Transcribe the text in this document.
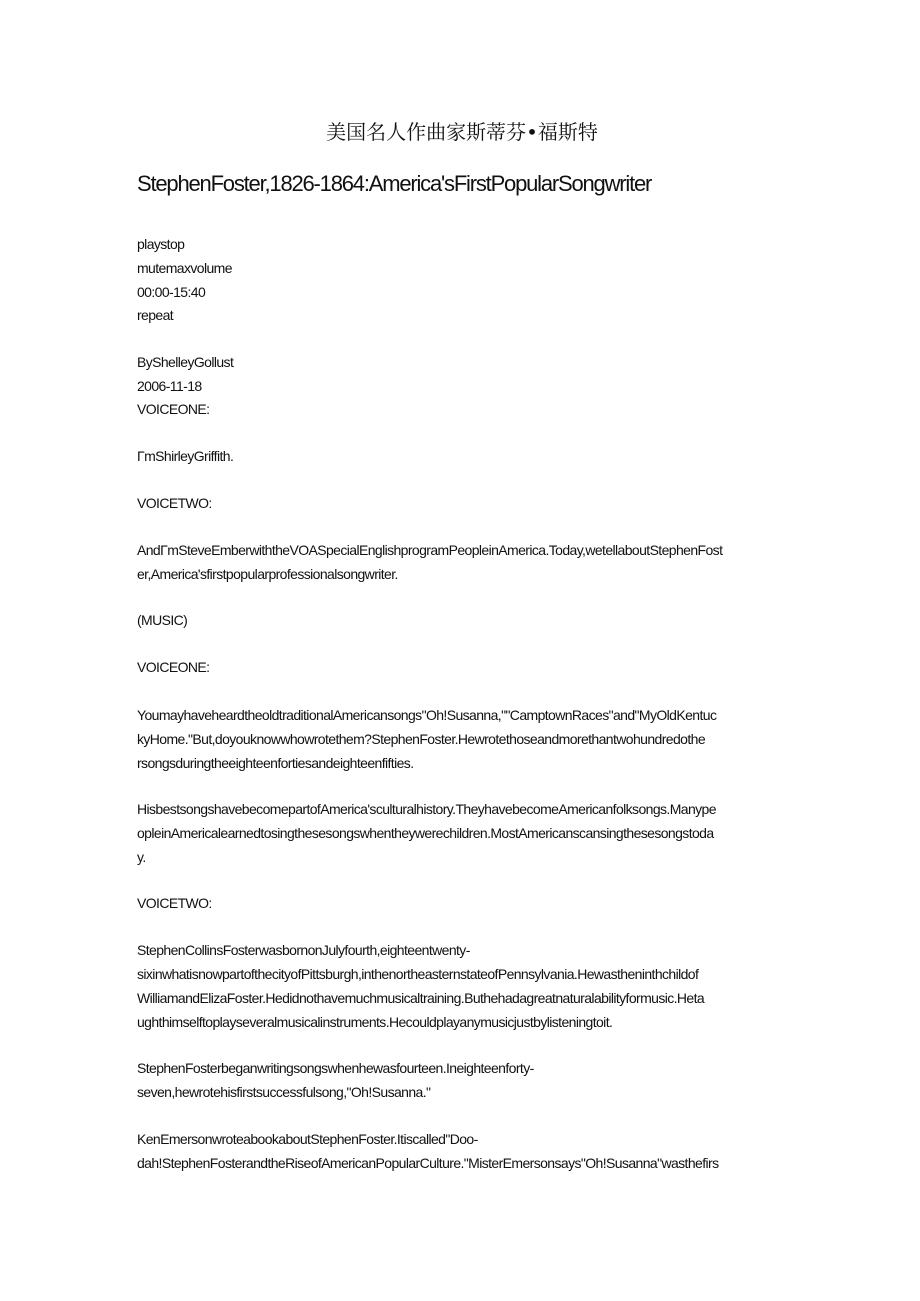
美国名人作曲家斯蒂芬•福斯特
StephenFoster,1826-1864:America'sFirstPopularSongwriter
playstop
mutemaxvolume
00:00-15:40
repeat
ByShelleyGollust
2006-11-18
VOICEONE:
ΓmShirleyGriffith.
VOICETWO:
AndΓmSteveEmberwiththeVOASpecialEnglishprogramPeopleinAmerica.Today,wetellaboutStephenFost
er,America'sfirstpopularprofessionalsongwriter.
(MUSIC)
VOICEONE:
YoumayhaveheardtheoldtraditionalAmericansongs"Oh!Susanna,""CamptownRaces"and"MyOldKentuc
kyHome."But,doyouknowwhowrotethem?StephenFoster.Hewrotethoseandmorethantwohundredothe
rsongsduringtheeighteenfortiesandeighteenfifties.
HisbestsongshavebecomepartofAmerica'sculturalhistory.TheyhavebecomeAmericanfolksongs.Manype
opleinAmericalearnedtosingthesesongswhentheywerechildren.MostAmericanscansingthesesongstoda
y.
VOICETWO:
StephenCollinsFosterwasbornonJulyfourth,eighteentwenty-
sixinwhatisnowpartofthecityofPittsburgh,inthenortheasternstateofPennsylvania.Hewastheninthchildof
WilliamandElizaFoster.Hedidnothavemuchmusicaltraining.Buthehadagreatnaturalabilityformusic.Heta
ughthimselftoplayseveralmusicalinstruments.Hecouldplayanymusicjustbylisteningtoit.
StephenFosterbeganwritingsongswhenhewasfourteen.Ineighteenforty-
seven,hewrotehisfirstsuccessfulsong,"Oh!Susanna."
KenEmersonwroteabookaboutStephenFoster.Itiscalled"Doo-
dah!StephenFosterandtheRiseofAmericanPopularCulture."MisterEmersonsays"Oh!Susanna"wasthefirs
